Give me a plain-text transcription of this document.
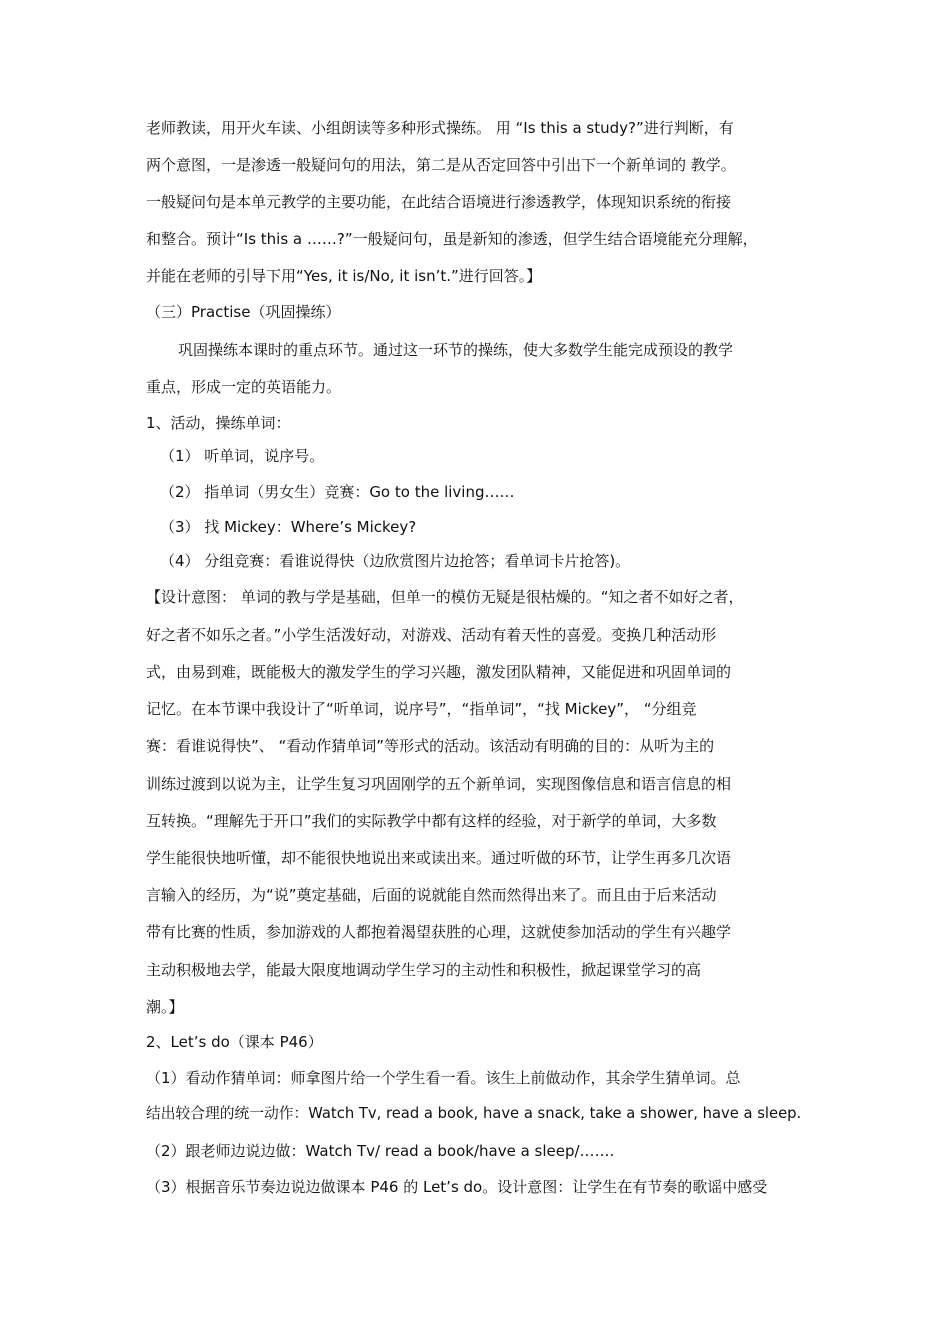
老师教读，用开火车读、小组朗读等多种形式操练。 用 “Is this a study?”进行判断，有
两个意图，一是渗透一般疑问句的用法，第二是从否定回答中引出下一个新单词的 教学。
一般疑问句是本单元教学的主要功能，在此结合语境进行渗透教学，体现知识系统的衔接
和整合。预计“Is this a ……?”一般疑问句，虽是新知的渗透，但学生结合语境能充分理解，
并能在老师的引导下用“Yes, it is/No, it isn’t.”进行回答。】
（三）Practise（巩固操练）
巩固操练本课时的重点环节。通过这一环节的操练，使大多数学生能完成预设的教学
重点，形成一定的英语能力。
1、活动，操练单词：
（1） 听单词，说序号。
（2） 指单词（男女生）竞赛：Go to the living……
（3） 找 Mickey：Where’s Mickey?
（4） 分组竞赛：看谁说得快（边欣赏图片边抢答；看单词卡片抢答)。
【设计意图： 单词的教与学是基础，但单一的模仿无疑是很枯燥的。“知之者不如好之者，
好之者不如乐之者。”小学生活泼好动，对游戏、活动有着天性的喜爱。变换几种活动形
式，由易到难，既能极大的激发学生的学习兴趣，激发团队精神，又能促进和巩固单词的
记忆。在本节课中我设计了“听单词，说序号”，“指单词”，“找 Mickey”， “分组竞
赛：看谁说得快”、 “看动作猜单词”等形式的活动。该活动有明确的目的：从听为主的
训练过渡到以说为主，让学生复习巩固刚学的五个新单词，实现图像信息和语言信息的相
互转换。“理解先于开口”我们的实际教学中都有这样的经验，对于新学的单词，大多数
学生能很快地听懂，却不能很快地说出来或读出来。通过听做的环节，让学生再多几次语
言输入的经历，为“说”奠定基础，后面的说就能自然而然得出来了。而且由于后来活动
带有比赛的性质，参加游戏的人都抱着渴望获胜的心理，这就使参加活动的学生有兴趣学
主动积极地去学，能最大限度地调动学生学习的主动性和积极性，掀起课堂学习的高
潮。】
2、Let’s do（课本 P46）
（1）看动作猜单词：师拿图片给一个学生看一看。该生上前做动作，其余学生猜单词。总
结出较合理的统一动作：Watch Tv, read a book, have a snack, take a shower, have a sleep.
（2）跟老师边说边做：Watch Tv/ read a book/have a sleep/…….
（3）根据音乐节奏边说边做课本 P46 的 Let’s do。设计意图：让学生在有节奏的歌谣中感受
